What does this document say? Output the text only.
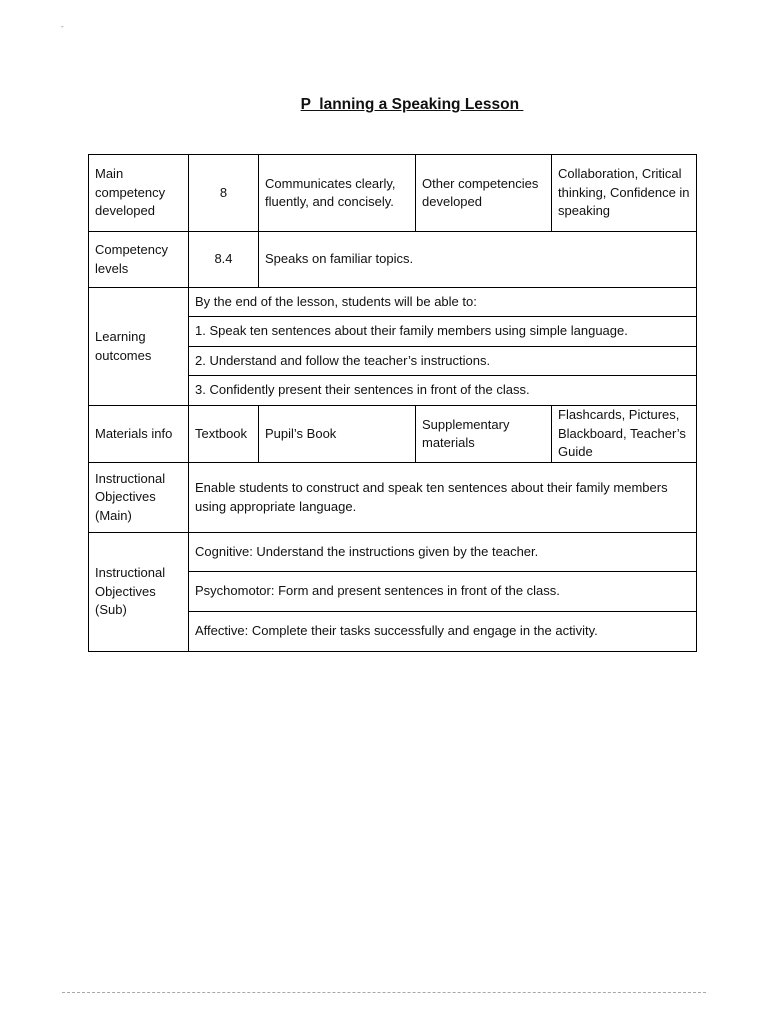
-
P  lanning a Speaking Lesson
Main competency developed	8	Communicates clearly, fluently, and concisely.	Other competencies developed	Collaboration, Critical thinking, Confidence in speaking
Competency levels	8.4	Speaks on familiar topics.		
Learning outcomes	By the end of the lesson, students will be able to:			
	1. Speak ten sentences about their family members using simple language.			
	2. Understand and follow the teacher’s instructions.			
	3. Confidently present their sentences in front of the class.			
Materials info	Textbook	Pupil’s Book	Supplementary materials	Flashcards, Pictures, Blackboard, Teacher’s Guide
Instructional Objectives (Main)	Enable students to construct and speak ten sentences about their family members using appropriate language.			
Instructional Objectives (Sub)	Cognitive: Understand the instructions given by the teacher.			
	Psychomotor: Form and present sentences in front of the class.			
	Affective: Complete their tasks successfully and engage in the activity.			
